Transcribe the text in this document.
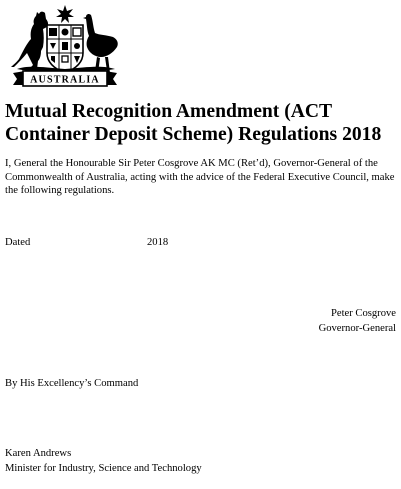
AUSTRALIA
Mutual Recognition Amendment (ACT Container Deposit Scheme) Regulations 2018

I, General the Honourable Sir Peter Cosgrove AK MC (Ret’d), Governor-General of the Commonwealth of Australia, acting with the advice of the Federal Executive Council, make the following regulations.

Dated	2018
Peter Cosgrove
Governor-General
By His Excellency’s Command
Karen Andrews
Minister for Industry, Science and Technology
